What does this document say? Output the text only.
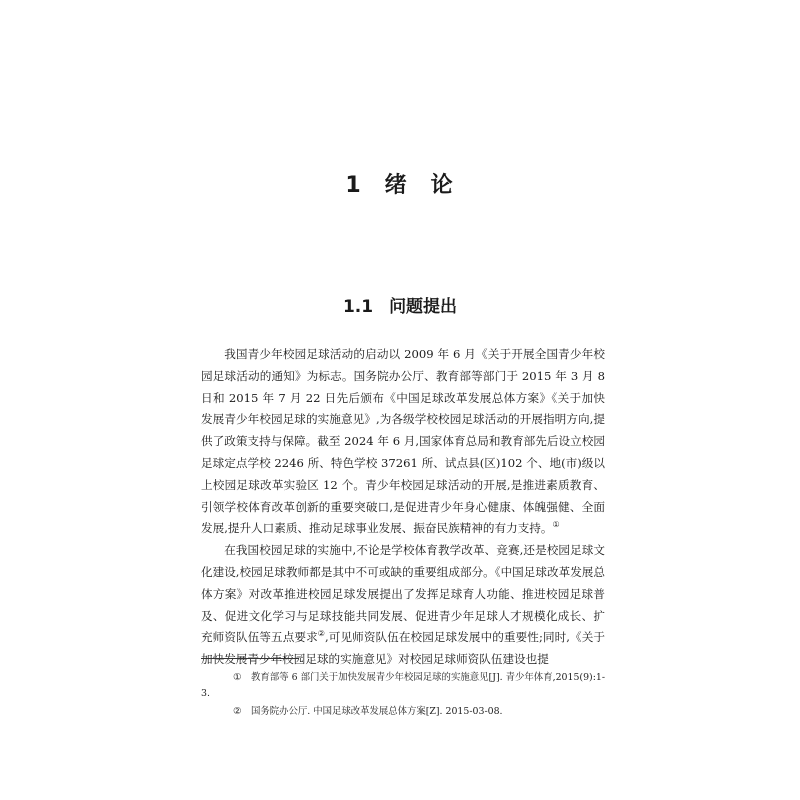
1 绪 论
1.1 问题提出

我国青少年校园足球活动的启动以 2009 年 6 月《关于开展全国青少年校园足球活动的通知》为标志。国务院办公厅、教育部等部门于 2015 年 3 月 8 日和 2015 年 7 月 22 日先后颁布《中国足球改革发展总体方案》《关于加快发展青少年校园足球的实施意见》,为各级学校校园足球活动的开展指明方向,提供了政策支持与保障。截至 2024 年 6 月,国家体育总局和教育部先后设立校园足球定点学校 2246 所、特色学校 37261 所、试点县(区)102 个、地(市)级以上校园足球改革实验区 12 个。青少年校园足球活动的开展,是推进素质教育、引领学校体育改革创新的重要突破口,是促进青少年身心健康、体魄强健、全面发展,提升人口素质、推动足球事业发展、振奋民族精神的有力支持。①

在我国校园足球的实施中,不论是学校体育教学改革、竞赛,还是校园足球文化建设,校园足球教师都是其中不可或缺的重要组成部分。《中国足球改革发展总体方案》对改革推进校园足球发展提出了发挥足球育人功能、推进校园足球普及、促进文化学习与足球技能共同发展、促进青少年足球人才规模化成长、扩充师资队伍等五点要求②,可见师资队伍在校园足球发展中的重要性;同时,《关于加快发展青少年校园足球的实施意见》对校园足球师资队伍建设也提

① 教育部等 6 部门关于加快发展青少年校园足球的实施意见[J]. 青少年体育,2015(9):1-3.

② 国务院办公厅. 中国足球改革发展总体方案[Z]. 2015-03-08.
